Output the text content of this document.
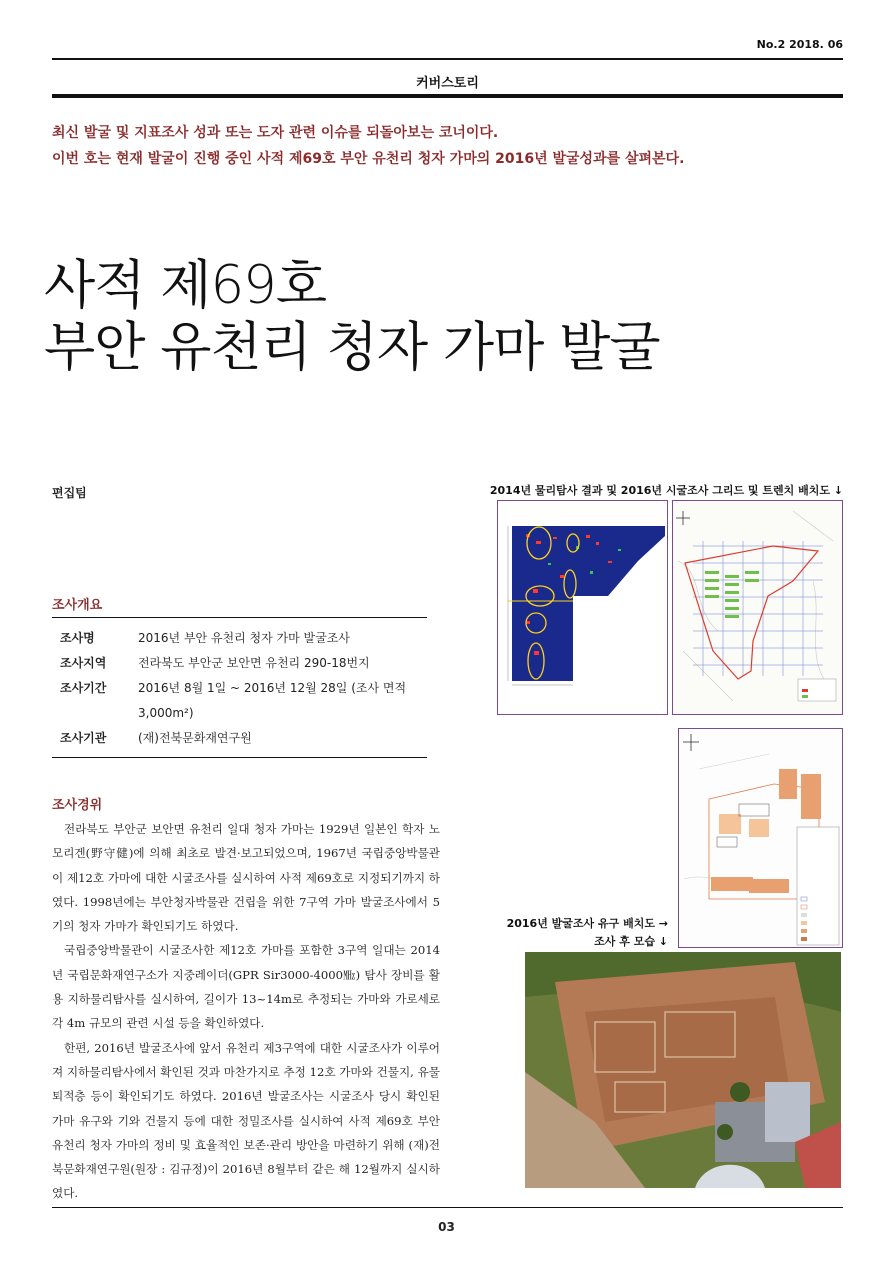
No.2 2018. 06
커버스토리
최신 발굴 및 지표조사 성과 또는 도자 관련 이슈를 되돌아보는 코너이다.
이번 호는 현재 발굴이 진행 중인 사적 제69호 부안 유천리 청자 가마의 2016년 발굴성과를 살펴본다.
사적 제69호
부안 유천리 청자 가마 발굴
편집팀	2014년 물리탐사 결과 및 2016년 시굴조사 그리드 및 트렌치 배치도 ↓
조사개요
조사명	2016년 부안 유천리 청자 가마 발굴조사
조사지역	전라북도 부안군 보안면 유천리 290-18번지
조사기간	2016년 8월 1일 ~ 2016년 12월 28일 (조사 면적 3,000m²)
조사기관	(재)전북문화재연구원
조사경위

전라북도 부안군 보안면 유천리 일대 청자 가마는 1929년 일본인 학자 노모리겐(野守健)에 의해 최초로 발견·보고되었으며, 1967년 국립중앙박물관이 제12호 가마에 대한 시굴조사를 실시하여 사적 제69호로 지정되기까지 하였다. 1998년에는 부안청자박물관 건립을 위한 7구역 가마 발굴조사에서 5기의 청자 가마가 확인되기도 하였다.

국립중앙박물관이 시굴조사한 제12호 가마를 포함한 3구역 일대는 2014년 국립문화재연구소가 지중레이더(GPR Sir3000-4000㎒) 탐사 장비를 활용 지하물리탐사를 실시하여, 길이가 13~14m로 추정되는 가마와 가로세로 각 4m 규모의 관련 시설 등을 확인하였다.

한편, 2016년 발굴조사에 앞서 유천리 제3구역에 대한 시굴조사가 이루어져 지하물리탐사에서 확인된 것과 마찬가지로 추정 12호 가마와 건물지, 유물 퇴적층 등이 확인되기도 하였다. 2016년 발굴조사는 시굴조사 당시 확인된 가마 유구와 기와 건물지 등에 대한 정밀조사를 실시하여 사적 제69호 부안 유천리 청자 가마의 정비 및 효율적인 보존·관리 방안을 마련하기 위해 (재)전북문화재연구원(원장 : 김규정)이 2016년 8월부터 같은 해 12월까지 실시하였다.

2016년 발굴조사 유구 배치도 →
조사 후 모습 ↓
03
